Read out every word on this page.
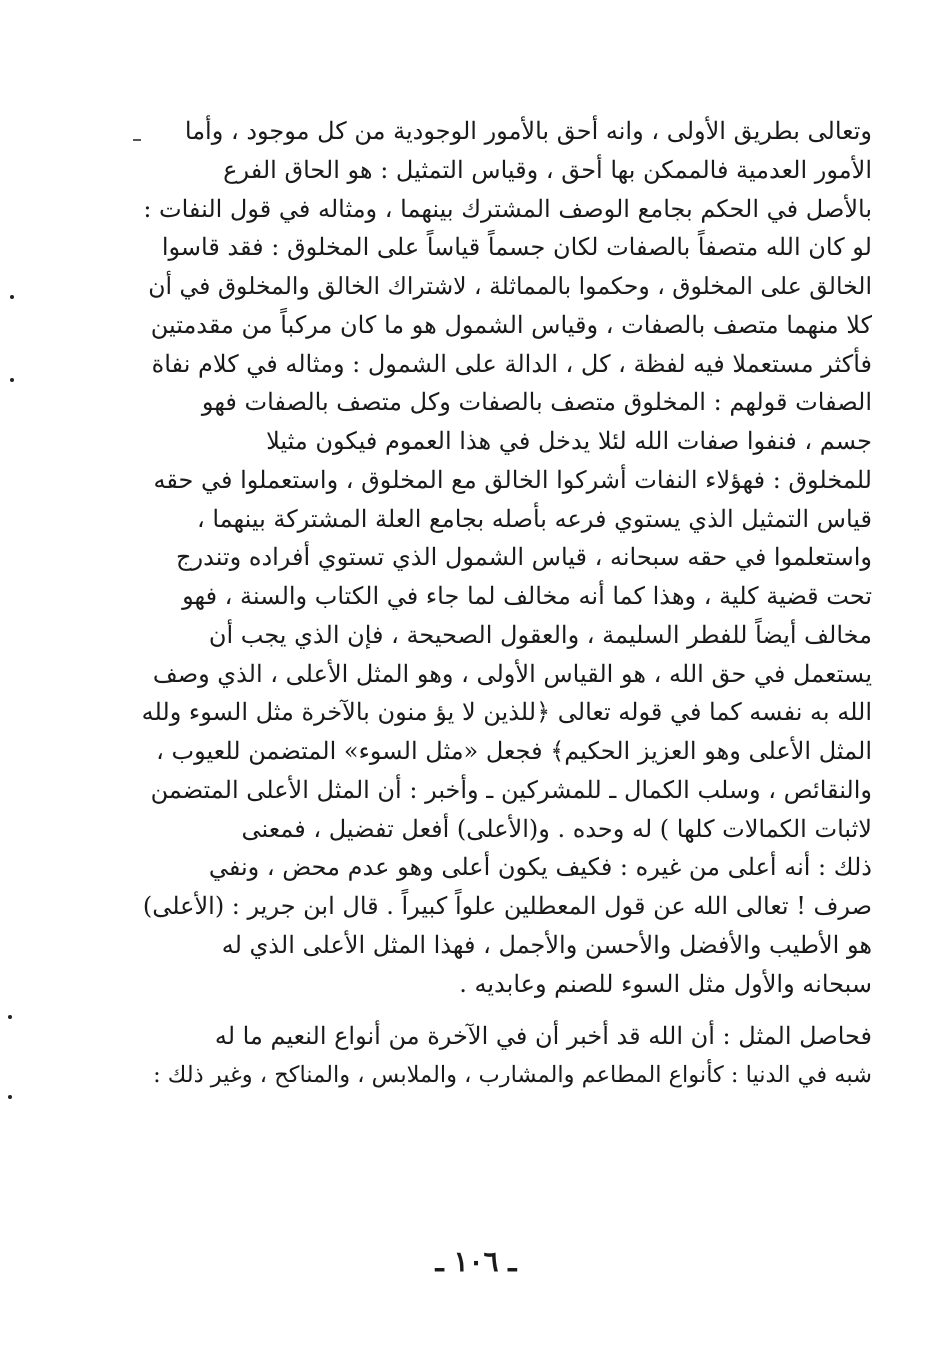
وتعالى بطريق الأولى ، وانه أحق بالأمور الوجودية من كل موجود ، وأما
الأمور العدمية فالممكن بها أحق ، وقياس التمثيل : هو الحاق الفرع
بالأصل في الحكم بجامع الوصف المشترك بينهما ، ومثاله في قول النفات :
لو كان الله متصفاً بالصفات لكان جسماً قياساً على المخلوق : فقد قاسوا
الخالق على المخلوق ، وحكموا بالمماثلة ، لاشتراك الخالق والمخلوق في أن
كلا منهما متصف بالصفات ، وقياس الشمول هو ما كان مركباً من مقدمتين
فأكثر مستعملا فيه لفظة ، كل ، الدالة على الشمول : ومثاله في كلام نفاة
الصفات قولهم : المخلوق متصف بالصفات وكل متصف بالصفات فهو
جسم ، فنفوا صفات الله لئلا يدخل في هذا العموم فيكون مثيلا
للمخلوق : فهؤلاء النفات أشركوا الخالق مع المخلوق ، واستعملوا في حقه
قياس التمثيل الذي يستوي فرعه بأصله بجامع العلة المشتركة بينهما ،
واستعلموا في حقه سبحانه ، قياس الشمول الذي تستوي أفراده وتندرج
تحت قضية كلية ، وهذا كما أنه مخالف لما جاء في الكتاب والسنة ، فهو
مخالف أيضاً للفطر السليمة ، والعقول الصحيحة ، فإن الذي يجب أن
يستعمل في حق الله ، هو القياس الأولى ، وهو المثل الأعلى ، الذي وصف
الله به نفسه كما في قوله تعالى ﴿للذين لا يؤ منون بالآخرة مثل السوء ولله
المثل الأعلى وهو العزيز الحكيم﴾ فجعل «مثل السوء» المتضمن للعيوب ،
والنقائص ، وسلب الكمال ـ للمشركين ـ وأخبر : أن المثل الأعلى المتضمن
لاثبات الكمالات كلها ) له وحده . و(الأعلى) أفعل تفضيل ، فمعنى
ذلك : أنه أعلى من غيره : فكيف يكون أعلى وهو عدم محض ، ونفي
صرف ! تعالى الله عن قول المعطلين علواً كبيراً . قال ابن جرير : (الأعلى)
هو الأطيب والأفضل والأحسن والأجمل ، فهذا المثل الأعلى الذي له
سبحانه والأول مثل السوء للصنم وعابديه .
فحاصل المثل : أن الله قد أخبر أن في الآخرة من أنواع النعيم ما له
شبه في الدنيا : كأنواع المطاعم والمشارب ، والملابس ، والمناكح ، وغير ذلك :
ـ ١٠٦ ـ
